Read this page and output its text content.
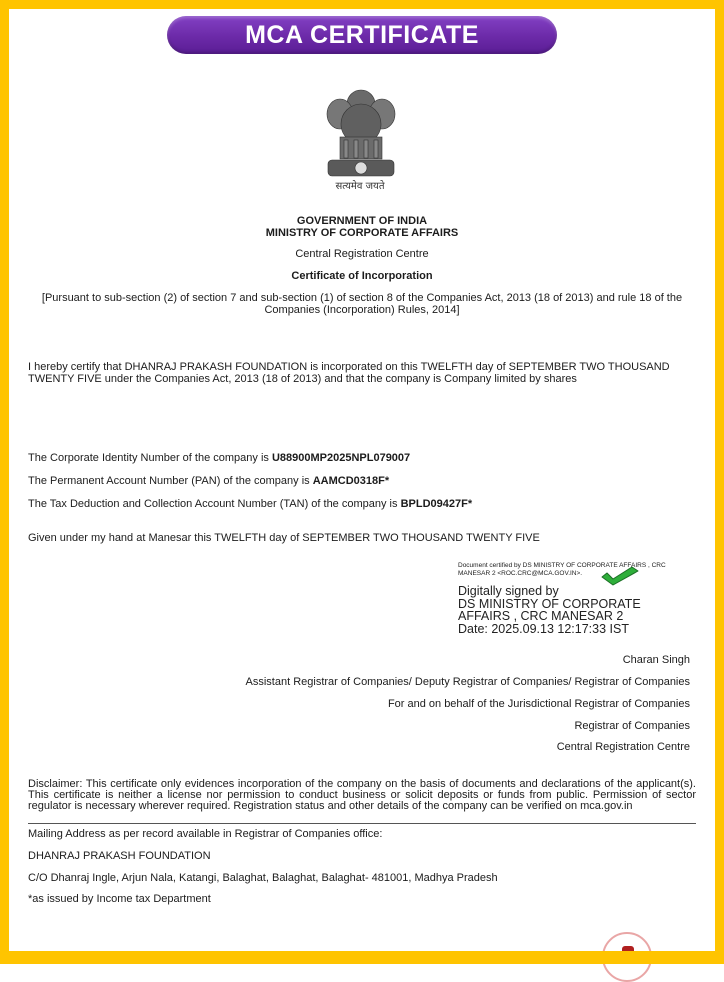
MCA CERTIFICATE
सत्यमेव जयते
GOVERNMENT OF INDIA
MINISTRY OF CORPORATE AFFAIRS
Central Registration Centre
Certificate of Incorporation
[Pursuant to sub-section (2) of section 7 and sub-section (1) of section 8 of the Companies Act, 2013 (18 of 2013) and rule 18 of the Companies (Incorporation) Rules, 2014]
I hereby certify that DHANRAJ PRAKASH FOUNDATION is incorporated on this TWELFTH day of SEPTEMBER TWO THOUSAND TWENTY FIVE under the Companies Act, 2013 (18 of 2013) and that the company is Company limited by shares
The Corporate Identity Number of the company is U88900MP2025NPL079007
The Permanent Account Number (PAN) of the company is AAMCD0318F*
The Tax Deduction and Collection Account Number (TAN) of the company is BPLD09427F*
Given under my hand at Manesar this TWELFTH day of SEPTEMBER TWO THOUSAND TWENTY FIVE
Document certified by DS MINISTRY OF CORPORATE AFFAIRS , CRC MANESAR 2 <ROC.CRC@MCA.GOV.IN>.
Digitally signed by
DS MINISTRY OF CORPORATE
AFFAIRS , CRC MANESAR 2
Date: 2025.09.13 12:17:33 IST
Charan Singh
Assistant Registrar of Companies/ Deputy Registrar of Companies/ Registrar of Companies
For and on behalf of the Jurisdictional Registrar of Companies
Registrar of Companies
Central Registration Centre
Disclaimer: This certificate only evidences incorporation of the company on the basis of documents and declarations of the applicant(s). This certificate is neither a license nor permission to conduct business or solicit deposits or funds from public. Permission of sector regulator is necessary wherever required. Registration status and other details of the company can be verified on mca.gov.in
Mailing Address as per record available in Registrar of Companies office:
DHANRAJ PRAKASH FOUNDATION
C/O Dhanraj Ingle, Arjun Nala, Katangi, Balaghat, Balaghat, Balaghat- 481001, Madhya Pradesh
*as issued by Income tax Department
